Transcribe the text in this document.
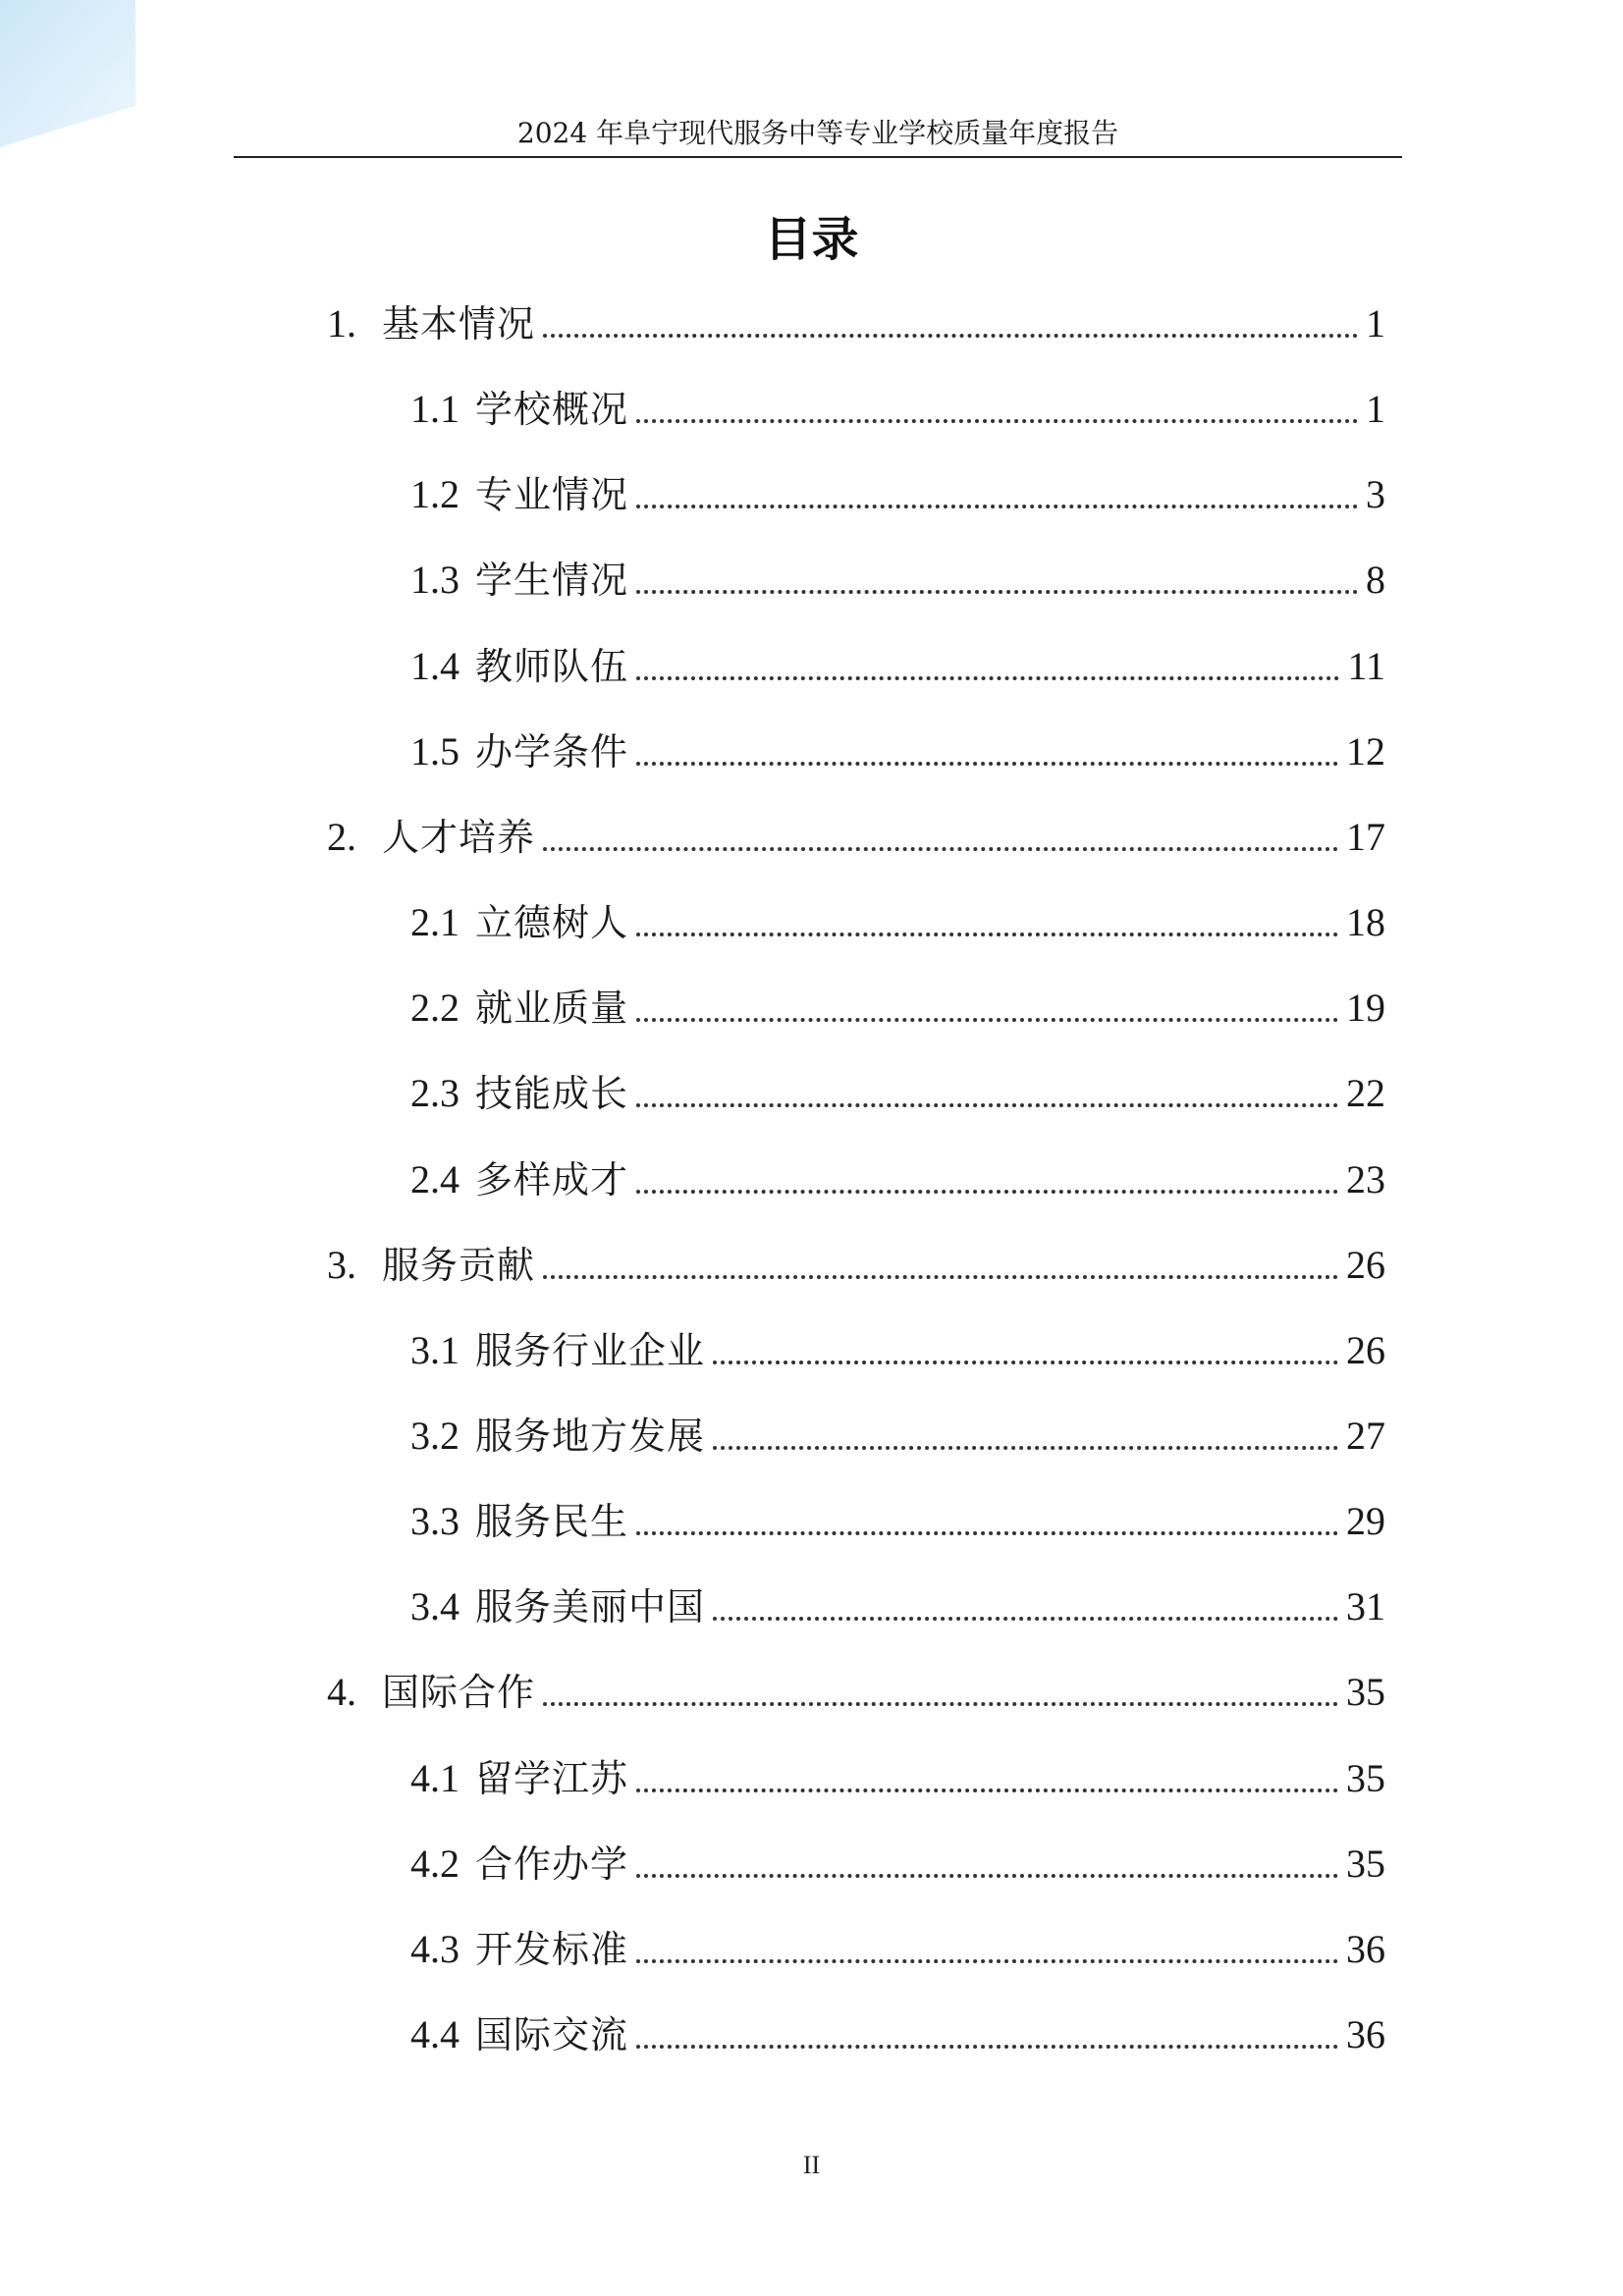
2024 年阜宁现代服务中等专业学校质量年度报告
目录
1. 基本情况	1
1.1 学校概况	1
1.2 专业情况	3
1.3 学生情况	8
1.4 教师队伍	11
1.5 办学条件	12
2. 人才培养	17
2.1 立德树人	18
2.2 就业质量	19
2.3 技能成长	22
2.4 多样成才	23
3. 服务贡献	26
3.1 服务行业企业	26
3.2 服务地方发展	27
3.3 服务民生	29
3.4 服务美丽中国	31
4. 国际合作	35
4.1 留学江苏	35
4.2 合作办学	35
4.3 开发标准	36
4.4 国际交流	36
II
